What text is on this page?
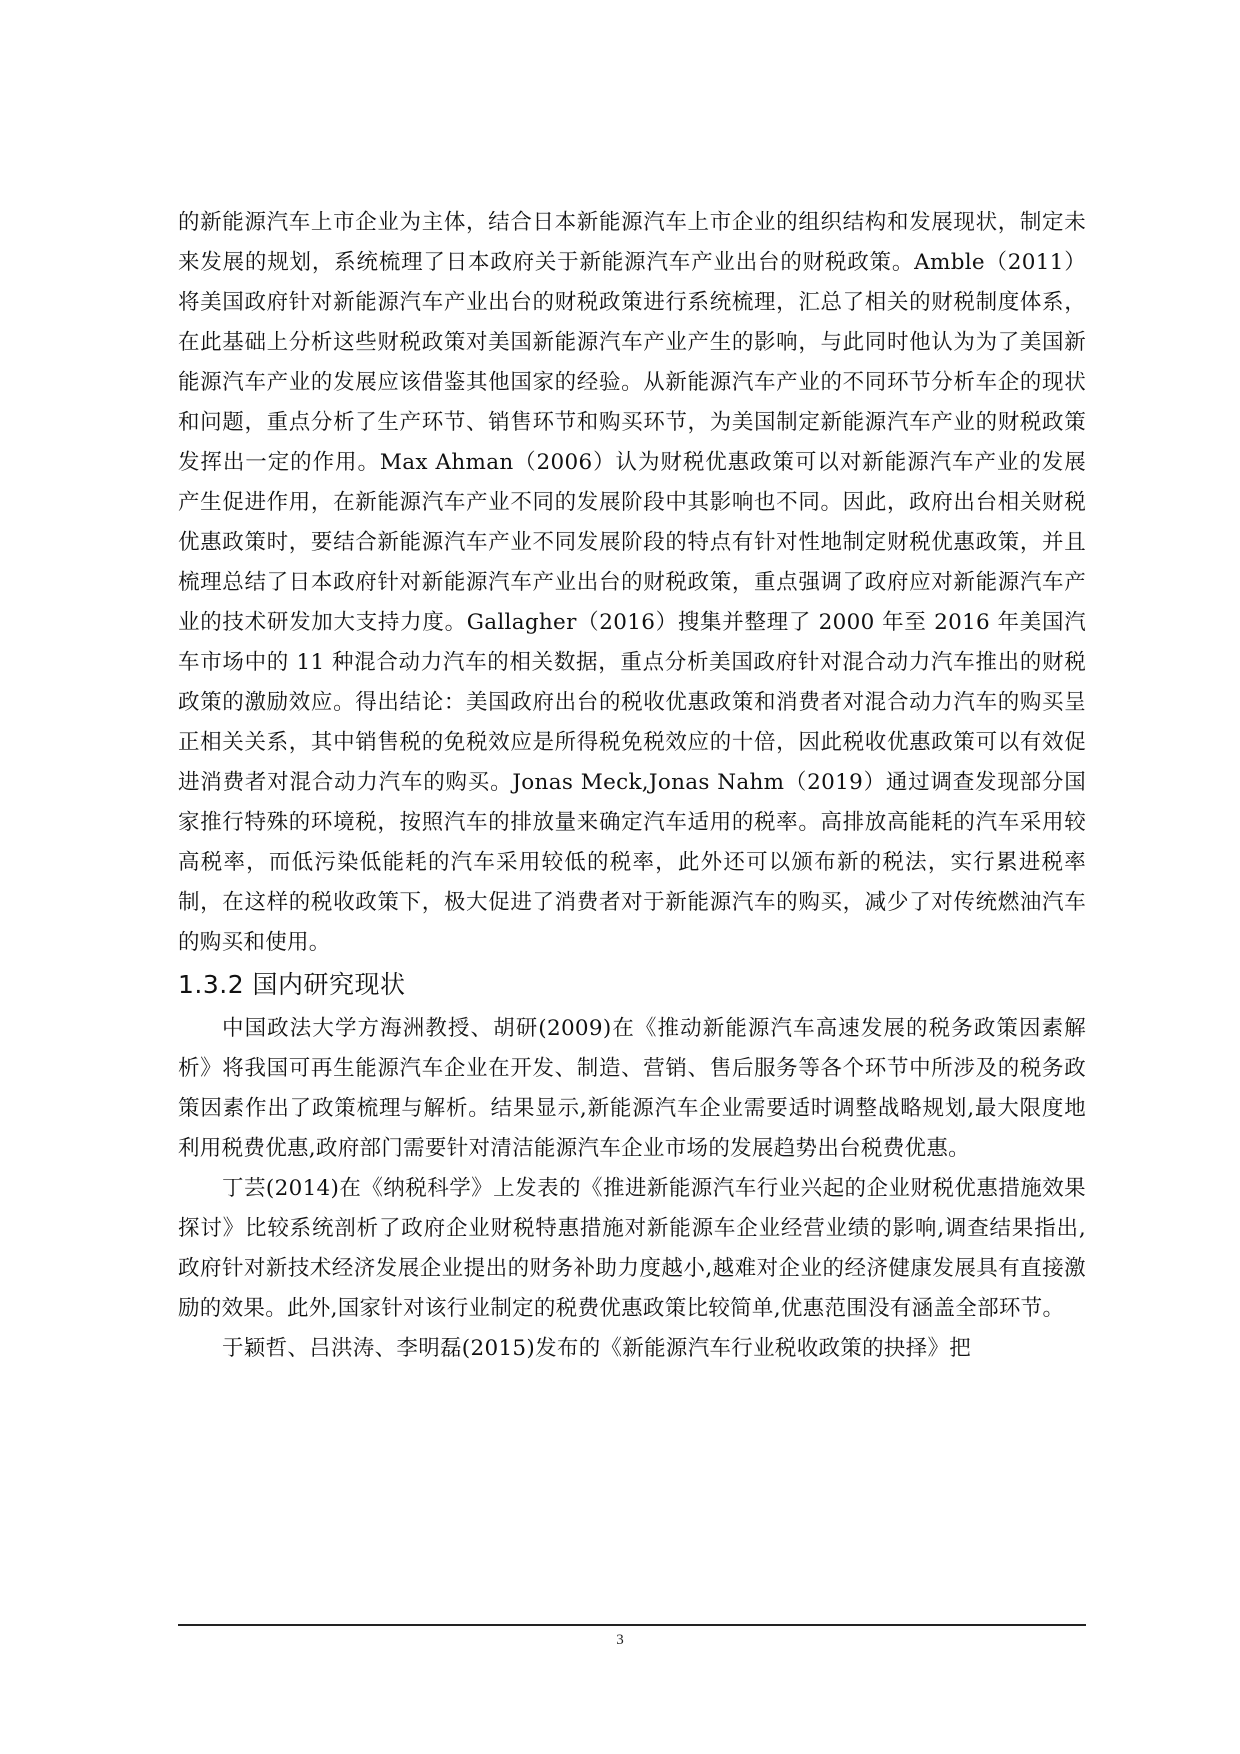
的新能源汽车上市企业为主体，结合日本新能源汽车上市企业的组织结构和发展现状，制定未来发展的规划，系统梳理了日本政府关于新能源汽车产业出台的财税政策。Amble（2011）将美国政府针对新能源汽车产业出台的财税政策进行系统梳理，汇总了相关的财税制度体系，在此基础上分析这些财税政策对美国新能源汽车产业产生的影响，与此同时他认为为了美国新能源汽车产业的发展应该借鉴其他国家的经验。从新能源汽车产业的不同环节分析车企的现状和问题，重点分析了生产环节、销售环节和购买环节，为美国制定新能源汽车产业的财税政策发挥出一定的作用。Max Ahman（2006）认为财税优惠政策可以对新能源汽车产业的发展产生促进作用，在新能源汽车产业不同的发展阶段中其影响也不同。因此，政府出台相关财税优惠政策时，要结合新能源汽车产业不同发展阶段的特点有针对性地制定财税优惠政策，并且梳理总结了日本政府针对新能源汽车产业出台的财税政策，重点强调了政府应对新能源汽车产业的技术研发加大支持力度。Gallagher（2016）搜集并整理了 2000 年至 2016 年美国汽车市场中的 11 种混合动力汽车的相关数据，重点分析美国政府针对混合动力汽车推出的财税政策的激励效应。得出结论：美国政府出台的税收优惠政策和消费者对混合动力汽车的购买呈正相关关系，其中销售税的免税效应是所得税免税效应的十倍，因此税收优惠政策可以有效促进消费者对混合动力汽车的购买。Jonas Meck,Jonas Nahm（2019）通过调查发现部分国家推行特殊的环境税，按照汽车的排放量来确定汽车适用的税率。高排放高能耗的汽车采用较高税率，而低污染低能耗的汽车采用较低的税率，此外还可以颁布新的税法，实行累进税率制，在这样的税收政策下，极大促进了消费者对于新能源汽车的购买，减少了对传统燃油汽车的购买和使用。

1.3.2 国内研究现状

中国政法大学方海洲教授、胡研(2009)在《推动新能源汽车高速发展的税务政策因素解析》将我国可再生能源汽车企业在开发、制造、营销、售后服务等各个环节中所涉及的税务政策因素作出了政策梳理与解析。结果显示,新能源汽车企业需要适时调整战略规划,最大限度地利用税费优惠,政府部门需要针对清洁能源汽车企业市场的发展趋势出台税费优惠。

丁芸(2014)在《纳税科学》上发表的《推进新能源汽车行业兴起的企业财税优惠措施效果探讨》比较系统剖析了政府企业财税特惠措施对新能源车企业经营业绩的影响,调查结果指出,政府针对新技术经济发展企业提出的财务补助力度越小,越难对企业的经济健康发展具有直接激励的效果。此外,国家针对该行业制定的税费优惠政策比较简单,优惠范围没有涵盖全部环节。

于颖哲、吕洪涛、李明磊(2015)发布的《新能源汽车行业税收政策的抉择》把

3
